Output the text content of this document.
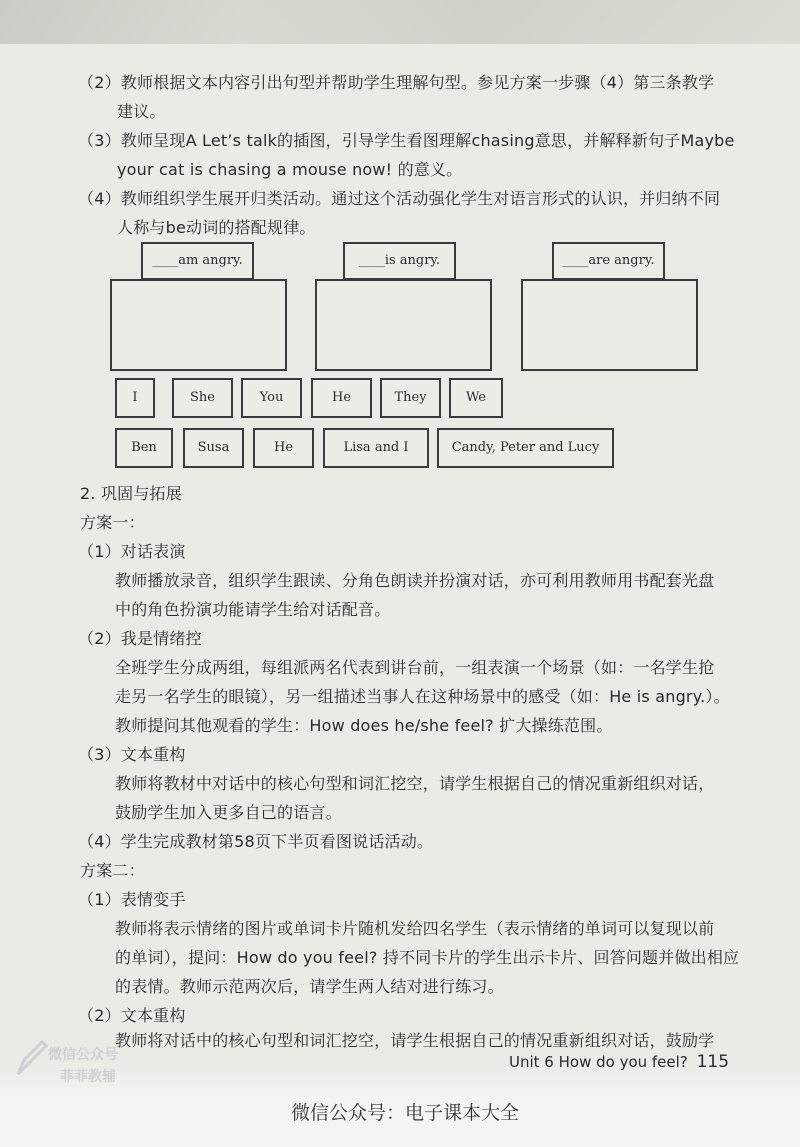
（2）教师根据文本内容引出句型并帮助学生理解句型。参见方案一步骤（4）第三条教学
建议。
（3）教师呈现A Let’s talk的插图，引导学生看图理解chasing意思，并解释新句子Maybe
your cat is chasing a mouse now! 的意义。
（4）教师组织学生展开归类活动。通过这个活动强化学生对语言形式的认识，并归纳不同
人称与be动词的搭配规律。
____am angry.	____is angry.	____are angry.
I	She	You	He	They	We
Ben	Susa	He	Lisa and I	Candy, Peter and Lucy
2. 巩固与拓展
方案一：
（1）对话表演
教师播放录音，组织学生跟读、分角色朗读并扮演对话，亦可利用教师用书配套光盘
中的角色扮演功能请学生给对话配音。
（2）我是情绪控
全班学生分成两组，每组派两名代表到讲台前，一组表演一个场景（如：一名学生抢
走另一名学生的眼镜），另一组描述当事人在这种场景中的感受（如：He is angry.）。
教师提问其他观看的学生：How does he/she feel? 扩大操练范围。
（3）文本重构
教师将教材中对话中的核心句型和词汇挖空，请学生根据自己的情况重新组织对话，
鼓励学生加入更多自己的语言。
（4）学生完成教材第58页下半页看图说话活动。
方案二：
（1）表情变手
教师将表示情绪的图片或单词卡片随机发给四名学生（表示情绪的单词可以复现以前
的单词），提问：How do you feel? 持不同卡片的学生出示卡片、回答问题并做出相应
的表情。教师示范两次后，请学生两人结对进行练习。
（2）文本重构
教师将对话中的核心句型和词汇挖空，请学生根据自己的情况重新组织对话，鼓励学
微信公众号
菲菲教辅
Unit 6 How do you feel? 115
微信公众号：电子课本大全
